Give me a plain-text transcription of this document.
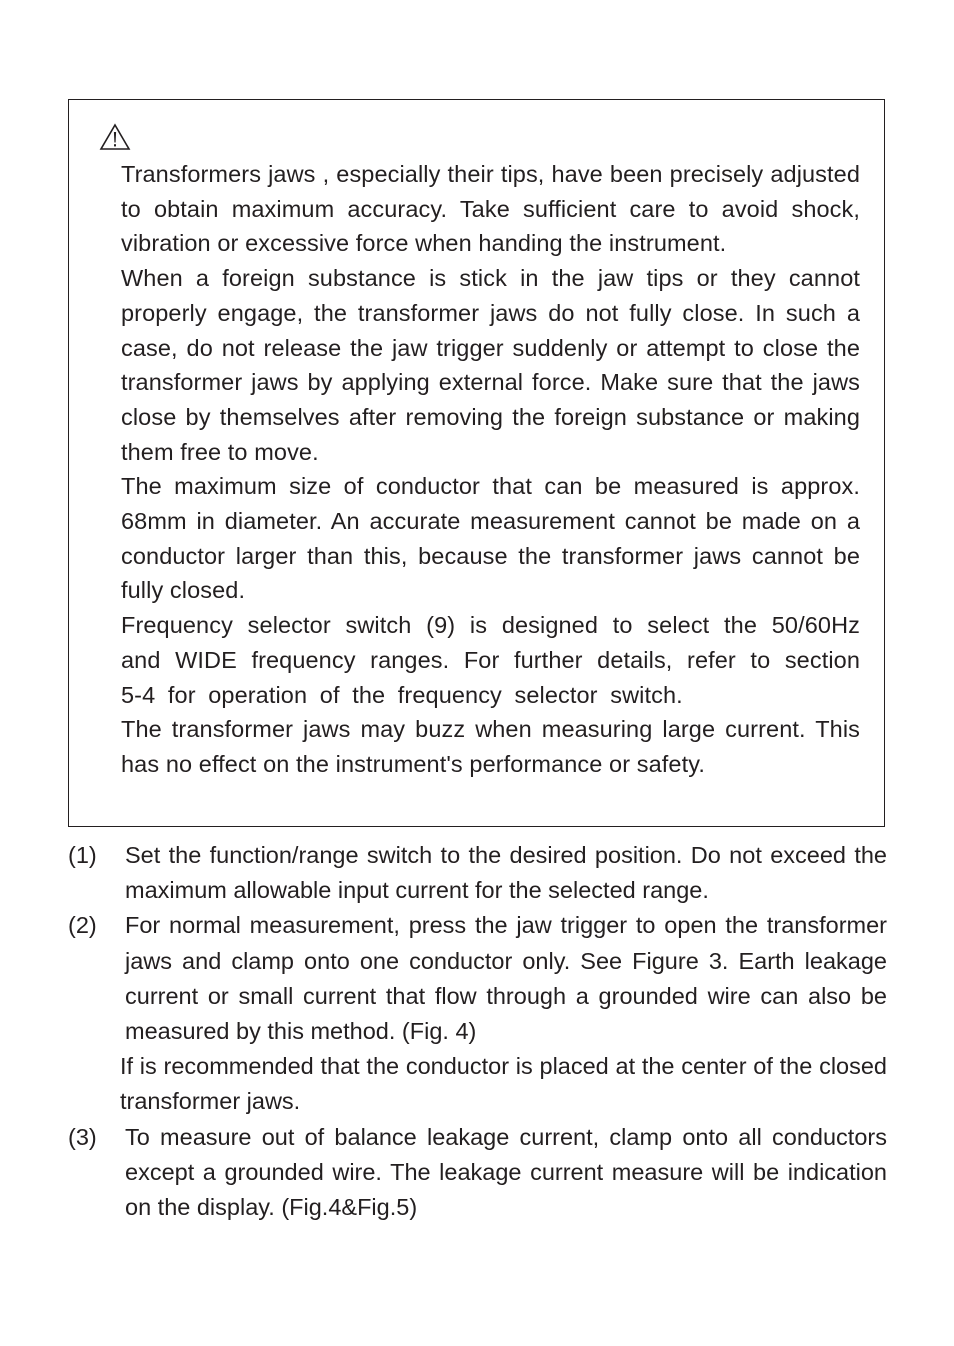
Transformers jaws , especially their tips, have been precisely adjusted to obtain maximum accuracy. Take sufficient care to avoid shock, vibration or excessive force when handing the instrument.

When a foreign substance is stick in the jaw tips or they cannot properly engage, the transformer jaws do not fully close. In such a case, do not release the jaw trigger suddenly or attempt to close the transformer jaws by applying external force. Make sure that the jaws close by themselves after removing the foreign substance or making them free to move.

The maximum size of conductor that can be measured is approx. 68mm in diameter. An accurate measurement cannot be made on a conductor larger than this, because the transformer jaws cannot be fully closed.

Frequency selector switch (9) is designed to select the 50/60Hz and WIDE frequency ranges. For further details, refer to section 5-4 for operation of the frequency selector switch.

The transformer jaws may buzz when measuring large current. This has no effect on the instrument's performance or safety.

(1) Set the function/range switch to the desired position. Do not exceed the maximum allowable input current for the selected range.
(2) For normal measurement, press the jaw trigger to open the transformer jaws and clamp onto one conductor only. See Figure 3. Earth leakage current or small current that flow through a grounded wire can also be measured by this method. (Fig. 4)

If is recommended that the conductor is placed at the center of the closed transformer jaws.

(3) To measure out of balance leakage current, clamp onto all conductors except a grounded wire. The leakage current measure will be indication on the display. (Fig.4&Fig.5)
